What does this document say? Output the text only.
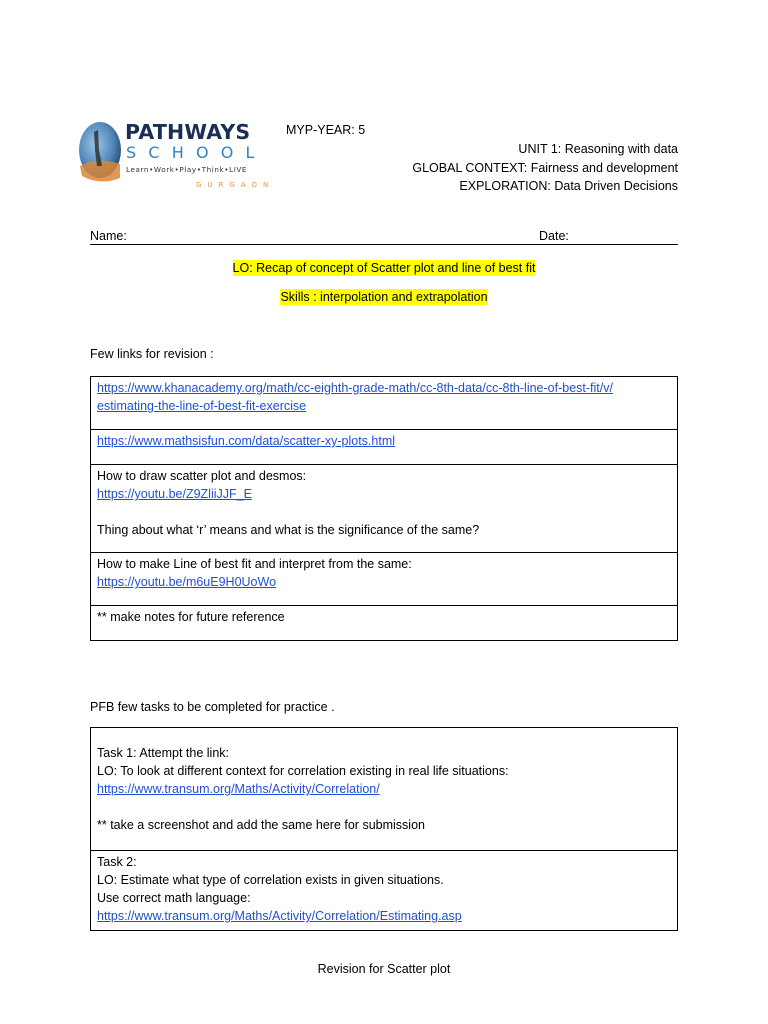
PATHWAYS
SCHOOL
Learn•Work•Play•Think•LIVE
GURGAON
MYP-YEAR: 5
UNIT 1: Reasoning with data
GLOBAL CONTEXT: Fairness and development
EXPLORATION: Data Driven Decisions
Name:	Date:
LO: Recap of concept of Scatter plot and line of best fit
Skills : interpolation and extrapolation
Few links for revision :
https://www.khanacademy.org/math/cc-eighth-grade-math/cc-8th-data/cc-8th-line-of-best-fit/v/
estimating-the-line-of-best-fit-exercise
https://www.mathsisfun.com/data/scatter-xy-plots.html

How to draw scatter plot and desmos:
https://youtu.be/Z9ZliiJJF_E
Thing about what ‘r’ means and what is the significance of the same?

How to make Line of best fit and interpret from the same:
https://youtu.be/m6uE9H0UoWo

** make notes for future reference
PFB few tasks to be completed for practice .
Task 1: Attempt the link:
LO: To look at different context for correlation existing in real life situations:
https://www.transum.org/Maths/Activity/Correlation/
** take a screenshot and add the same here for submission

Task 2:
LO: Estimate what type of correlation exists in given situations.
Use correct math language:
https://www.transum.org/Maths/Activity/Correlation/Estimating.asp
Revision for Scatter plot
